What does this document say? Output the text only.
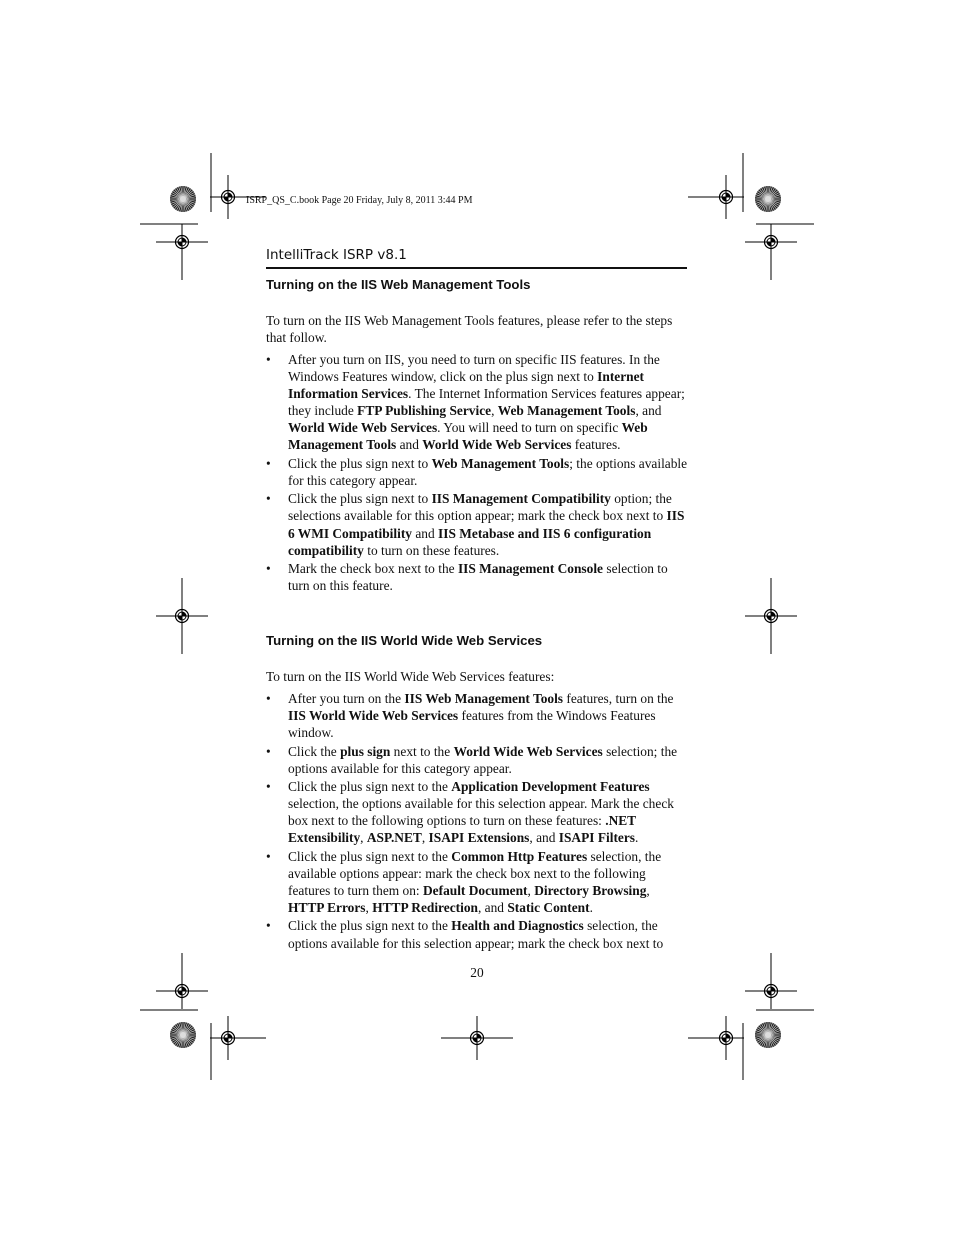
ISRP_QS_C.book Page 20 Friday, July 8, 2011 3:44 PM
IntelliTrack ISRP v8.1
Turning on the IIS Web Management Tools

To turn on the IIS Web Management Tools features, please refer to the steps that follow.

• After you turn on IIS, you need to turn on specific IIS features. In the Windows Features window, click on the plus sign next to Internet Information Services. The Internet Information Services features appear; they include FTP Publishing Service, Web Management Tools, and World Wide Web Services. You will need to turn on specific Web Management Tools and World Wide Web Services features.
• Click the plus sign next to Web Management Tools; the options available for this category appear.
• Click the plus sign next to IIS Management Compatibility option; the selections available for this option appear; mark the check box next to IIS 6 WMI Compatibility and IIS Metabase and IIS 6 configuration compatibility to turn on these features.
• Mark the check box next to the IIS Management Console selection to turn on this feature.
Turning on the IIS World Wide Web Services

To turn on the IIS World Wide Web Services features:

• After you turn on the IIS Web Management Tools features, turn on the IIS World Wide Web Services features from the Windows Features window.
• Click the plus sign next to the World Wide Web Services selection; the options available for this category appear.
• Click the plus sign next to the Application Development Features selection, the options available for this selection appear. Mark the check box next to the following options to turn on these features: .NET Extensibility, ASP.NET, ISAPI Extensions, and ISAPI Filters.
• Click the plus sign next to the Common Http Features selection, the available options appear: mark the check box next to the following features to turn them on: Default Document, Directory Browsing, HTTP Errors, HTTP Redirection, and Static Content.
• Click the plus sign next to the Health and Diagnostics selection, the options available for this selection appear; mark the check box next to
20
